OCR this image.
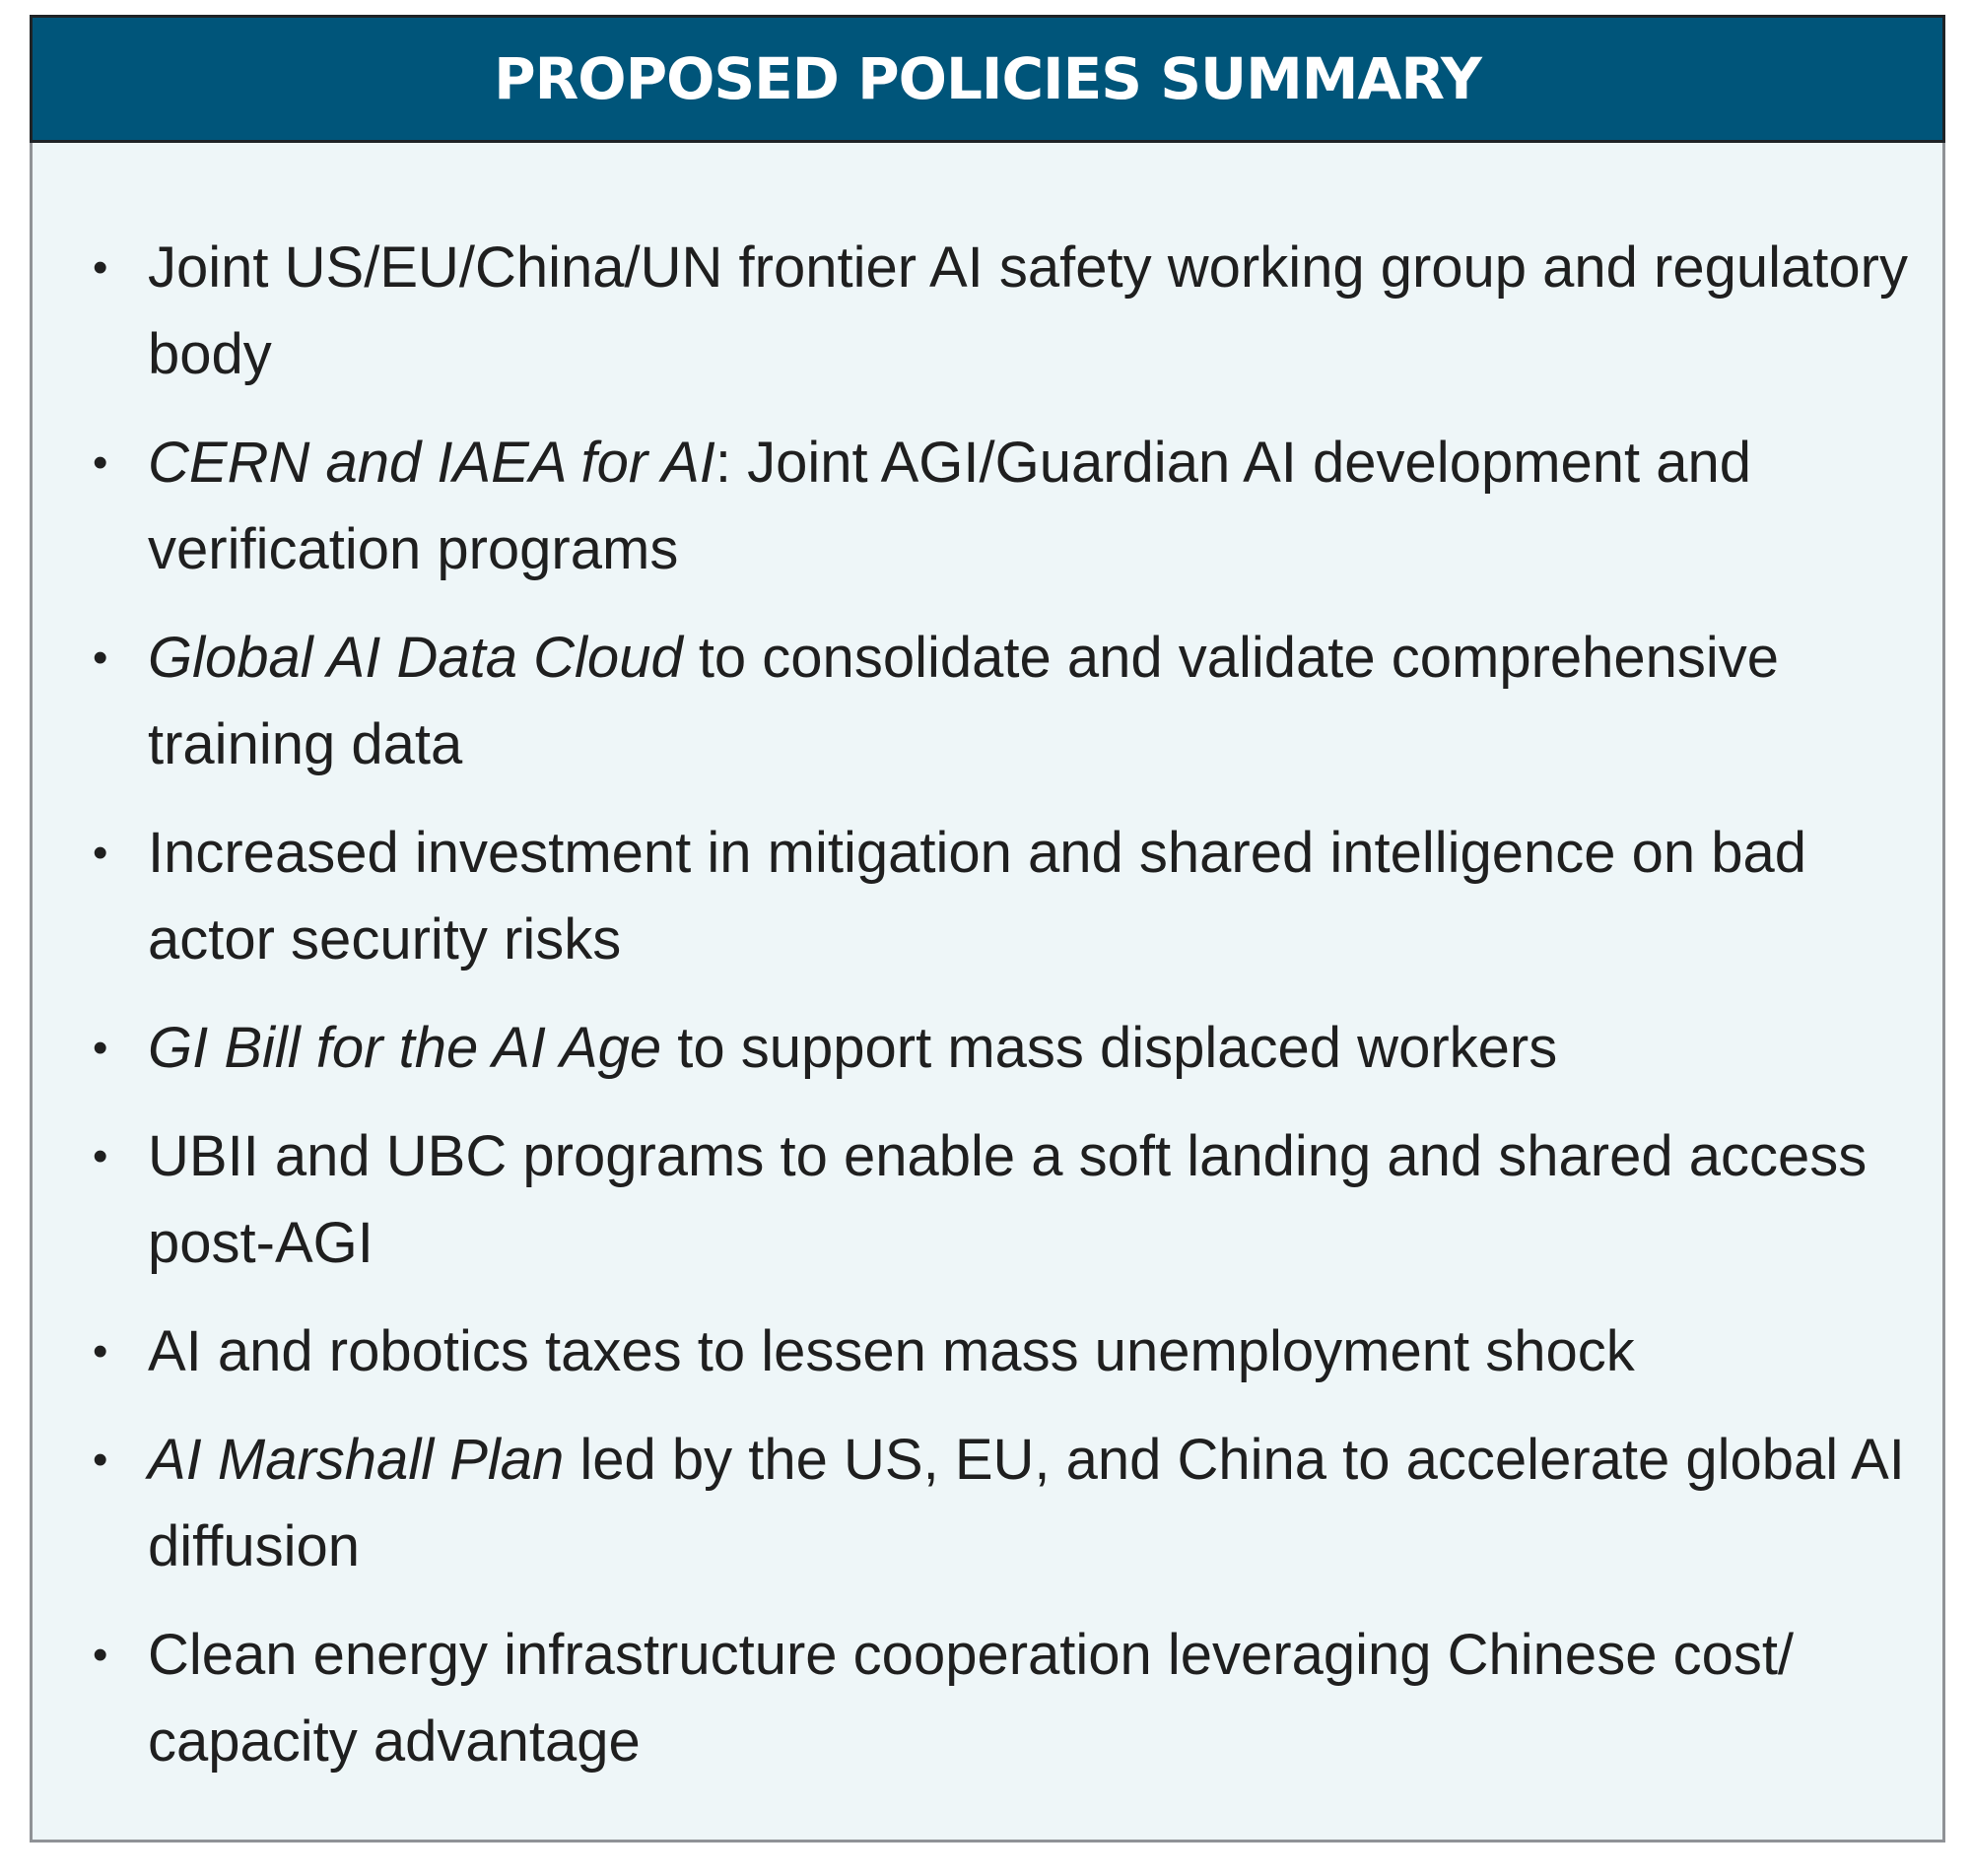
PROPOSED POLICIES SUMMARY
• Joint US/EU/China/UN frontier AI safety working group and regulatory body
• CERN and IAEA for AI: Joint AGI/Guardian AI development and verification programs
• Global AI Data Cloud to consolidate and validate comprehensive training data
• Increased investment in mitigation and shared intelligence on bad actor security risks
• GI Bill for the AI Age to support mass displaced workers
• UBII and UBC programs to enable a soft landing and shared access post-AGI
• AI and robotics taxes to lessen mass unemployment shock
• AI Marshall Plan led by the US, EU, and China to accelerate global AI diffusion
• Clean energy infrastructure cooperation leveraging Chinese cost/ capacity advantage
